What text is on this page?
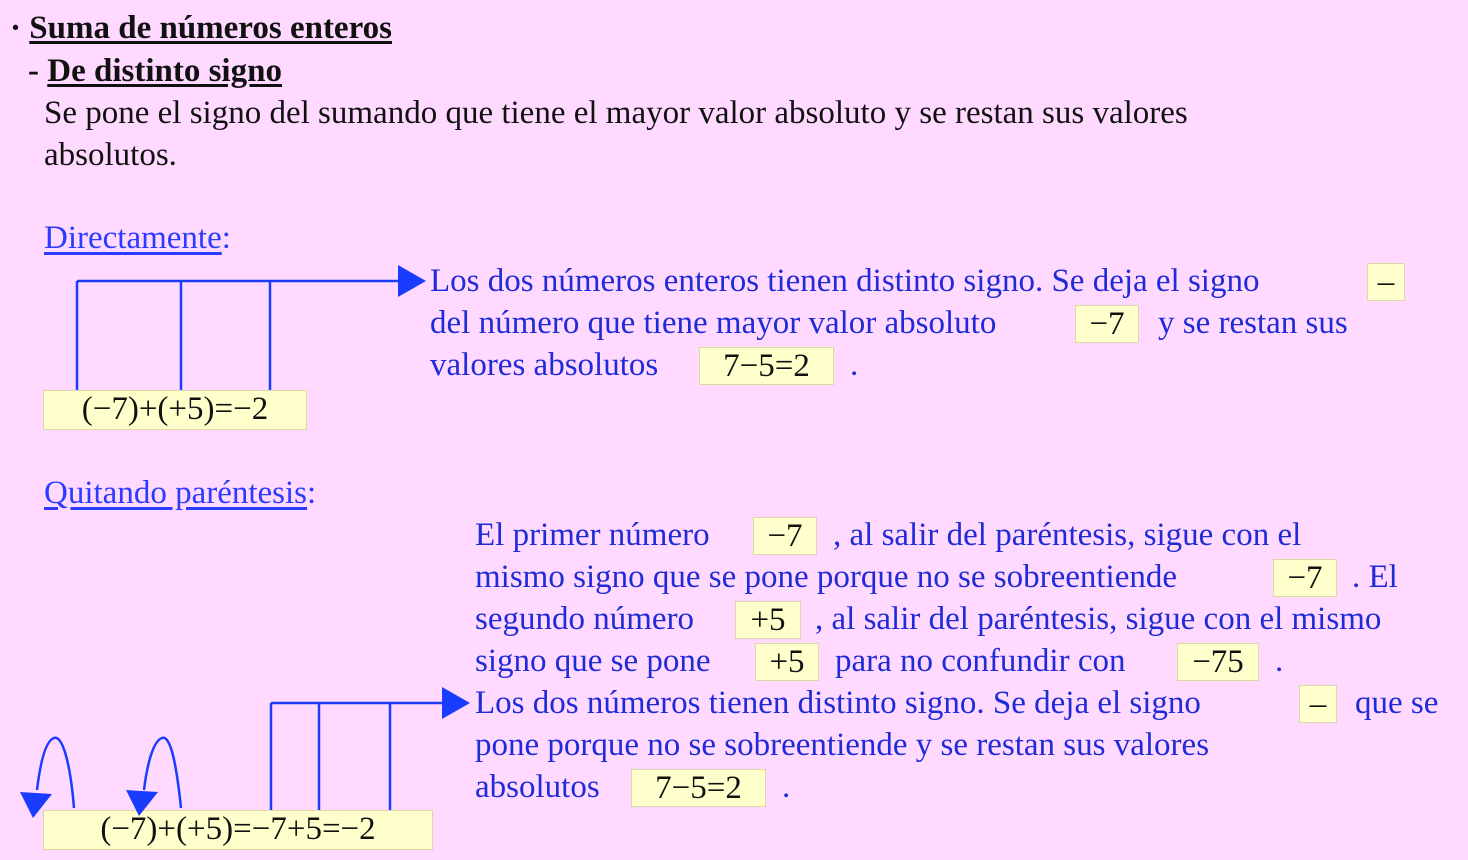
· Suma de números enteros
- De distinto signo
Se pone el signo del sumando que tiene el mayor valor absoluto y se restan sus valores
absolutos.
Directamente:
(−7)+(+5)=−2
Los dos números enteros tienen distinto signo. Se deja el signo	–
del número que tiene mayor valor absoluto	−7	y se restan sus
valores absolutos	7−5=2	.
Quitando paréntesis:
El primer número	−7 , al salir del paréntesis, sigue con el
mismo signo que se pone porque no se sobreentiende	−7 . El
segundo número	+5 , al salir del paréntesis, sigue con el mismo
signo que se pone	+5 para no confundir con	−75 .
Los dos números tienen distinto signo. Se deja el signo	– que se
pone porque no se sobreentiende y se restan sus valores
absolutos	7−5=2	.
(−7)+(+5)=−7+5=−2
